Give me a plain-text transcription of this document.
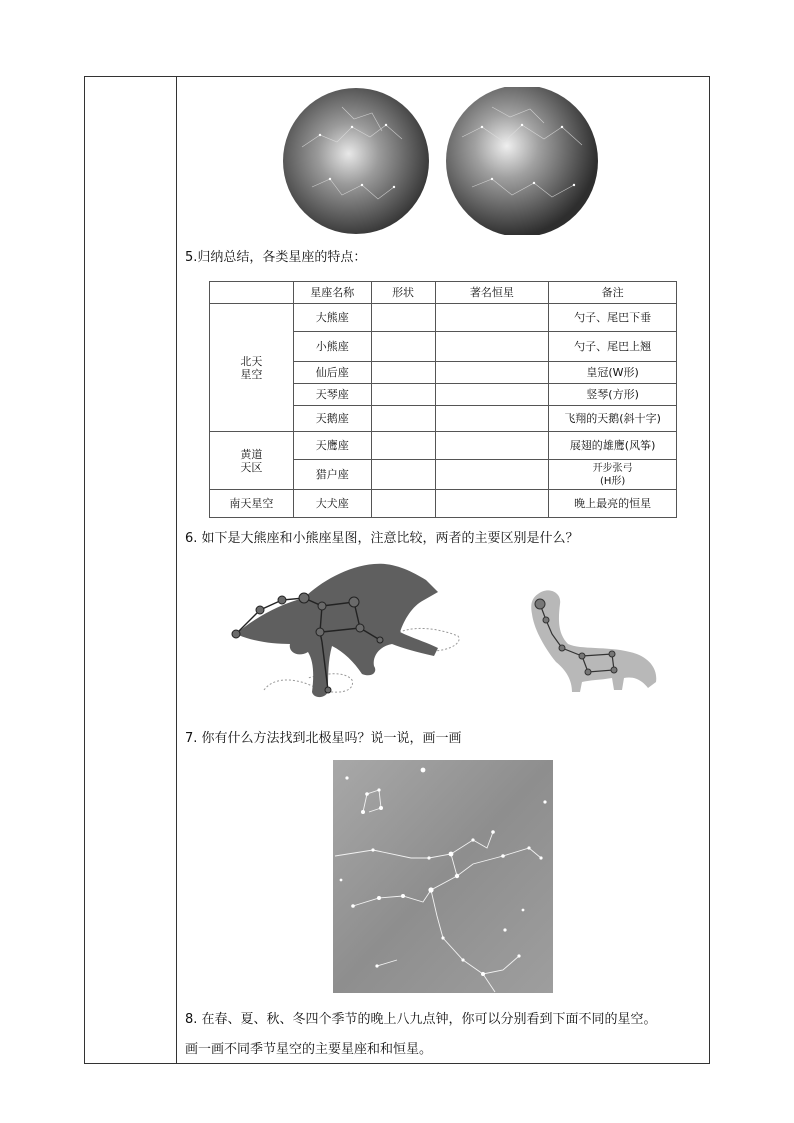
5.归纳总结，各类星座的特点：
	星座名称	形状	著名恒星	备注
北天
星空	大熊座			勺子、尾巴下垂
	小熊座			勺子、尾巴上翘
	仙后座			皇冠(W形)
	天琴座			竖琴(方形)
	天鹅座			飞翔的天鹅(斜十字)
黄道
天区	天鹰座			展翅的雄鹰(风筝)
	猎户座			开步张弓
(H形)
南天星空	大犬座			晚上最亮的恒星
6. 如下是大熊座和小熊座星图，注意比较，两者的主要区别是什么？
7. 你有什么方法找到北极星吗？说一说，画一画
8. 在春、夏、秋、冬四个季节的晚上八九点钟，你可以分别看到下面不同的星空。
画一画不同季节星空的主要星座和和恒星。
